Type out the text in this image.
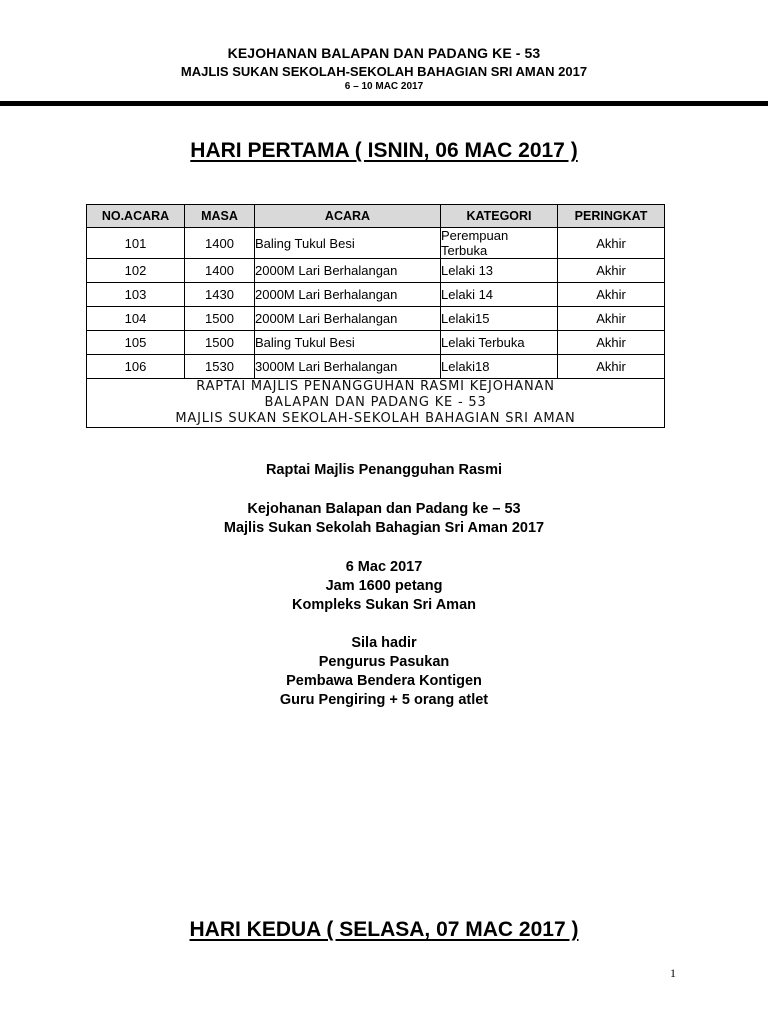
KEJOHANAN BALAPAN DAN PADANG KE - 53
MAJLIS SUKAN SEKOLAH-SEKOLAH BAHAGIAN SRI AMAN 2017
6 – 10 MAC 2017
HARI PERTAMA ( ISNIN, 06 MAC 2017 )
NO.ACARA	MASA	ACARA	KATEGORI	PERINGKAT
101	1400	Baling Tukul Besi	Perempuan Terbuka	Akhir
102	1400	2000M Lari Berhalangan	Lelaki 13	Akhir
103	1430	2000M Lari Berhalangan	Lelaki 14	Akhir
104	1500	2000M Lari Berhalangan	Lelaki15	Akhir
105	1500	Baling Tukul Besi	Lelaki Terbuka	Akhir
106	1530	3000M Lari Berhalangan	Lelaki18	Akhir

RAPTAI MAJLIS PENANGGUHAN RASMI KEJOHANAN
BALAPAN DAN PADANG KE - 53
MAJLIS SUKAN SEKOLAH-SEKOLAH BAHAGIAN SRI AMAN				
Raptai Majlis Penangguhan Rasmi
Kejohanan Balapan dan Padang ke – 53
Majlis Sukan Sekolah Bahagian Sri Aman 2017
6 Mac 2017
Jam 1600 petang
Kompleks Sukan Sri Aman
Sila hadir
Pengurus Pasukan
Pembawa Bendera Kontigen
Guru Pengiring + 5 orang atlet
HARI KEDUA ( SELASA, 07 MAC 2017 )
1
